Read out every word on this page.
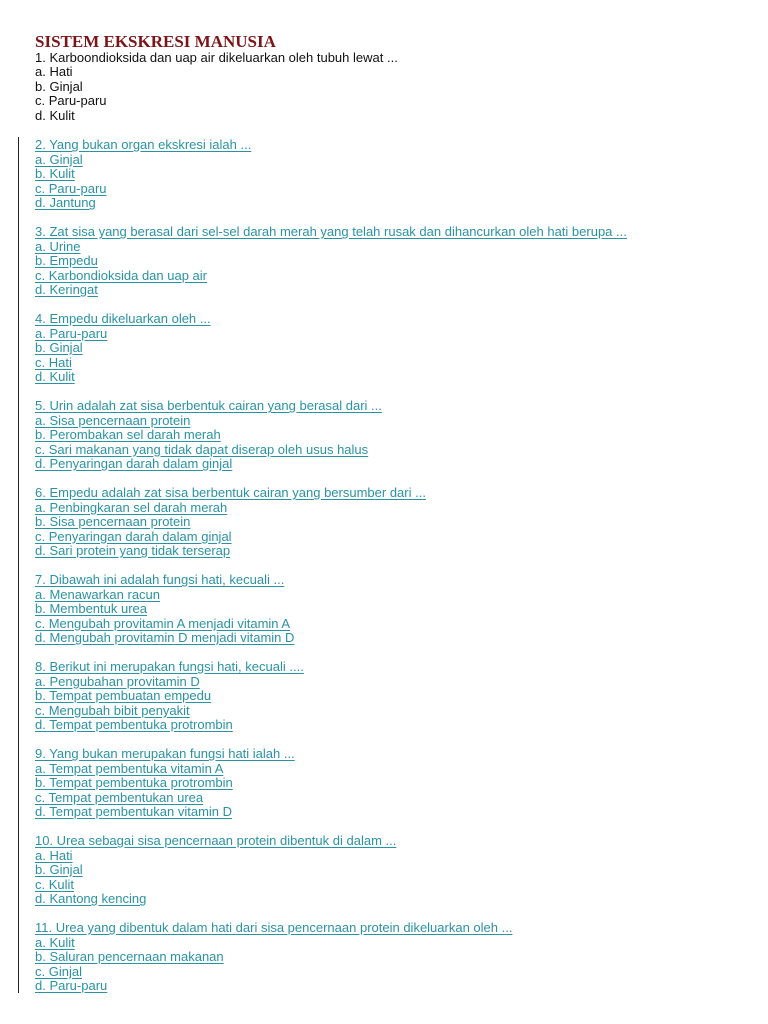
SISTEM EKSKRESI MANUSIA
1. Karboondioksida dan uap air dikeluarkan oleh tubuh lewat ...
a. Hati
b. Ginjal
c. Paru-paru
d. Kulit
2. Yang bukan organ ekskresi ialah ...
a. Ginjal
b. Kulit
c. Paru-paru
d. Jantung
3. Zat sisa yang berasal dari sel-sel darah merah yang telah rusak dan dihancurkan oleh hati berupa ...
a. Urine
b. Empedu
c. Karbondioksida dan uap air
d. Keringat
4. Empedu dikeluarkan oleh ...
a. Paru-paru
b. Ginjal
c. Hati
d. Kulit
5. Urin adalah zat sisa berbentuk cairan yang berasal dari ...
a. Sisa pencernaan protein
b. Perombakan sel darah merah
c. Sari makanan yang tidak dapat diserap oleh usus halus
d. Penyaringan darah dalam ginjal
6. Empedu adalah zat sisa berbentuk cairan yang bersumber dari ...
a. Penbingkaran sel darah merah
b. Sisa pencernaan protein
c. Penyaringan darah dalam ginjal
d. Sari protein yang tidak terserap
7. Dibawah ini adalah fungsi hati, kecuali ...
a. Menawarkan racun
b. Membentuk urea
c. Mengubah provitamin A menjadi vitamin A
d. Mengubah provitamin D menjadi vitamin D
8. Berikut ini merupakan fungsi hati, kecuali ....
a. Pengubahan provitamin D
b. Tempat pembuatan empedu
c. Mengubah bibit penyakit
d. Tempat pembentuka protrombin
9. Yang bukan merupakan fungsi hati ialah ...
a. Tempat pembentuka vitamin A
b. Tempat pembentuka protrombin
c. Tempat pembentukan urea
d. Tempat pembentukan vitamin D
10. Urea sebagai sisa pencernaan protein dibentuk di dalam ...
a. Hati
b. Ginjal
c. Kulit
d. Kantong kencing
11. Urea yang dibentuk dalam hati dari sisa pencernaan protein dikeluarkan oleh ...
a. Kulit
b. Saluran pencernaan makanan
c. Ginjal
d. Paru-paru
